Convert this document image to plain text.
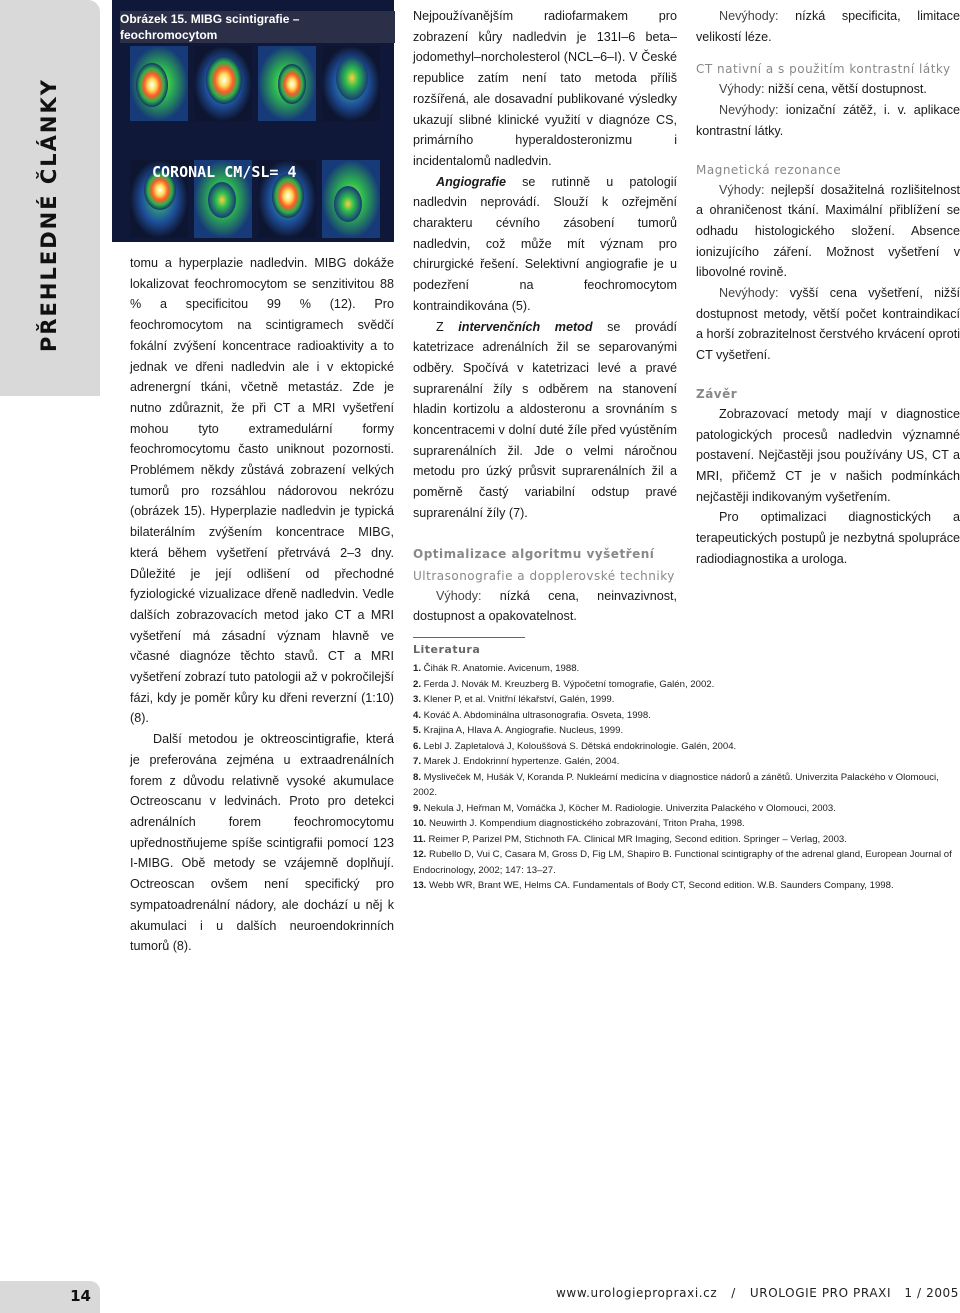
PŘEHLEDNÉ ČLÁNKY	CORONAL CM/SL= 4
Obrázek 15. MIBG scintigrafie – feochromocytom

tomu a hyperplazie nadledvin. MIBG dokáže lokalizovat feochromocytom se senzitivitou 88 % a specificitou 99 % (12). Pro feochromocytom na scintigramech svědčí fokální zvýšení koncentrace radioaktivity a to jednak ve dřeni nadledvin ale i v ektopické adrenergní tkáni, včetně metastáz. Zde je nutno zdůraznit, že při CT a MRI vyšetření mohou tyto extramedulární formy feochromocytomu často uniknout pozornosti. Problémem někdy zůstává zobrazení velkých tumorů pro rozsáhlou nádorovou nekrózu (obrázek 15). Hyperplazie nadledvin je typická bilaterálním zvýšením koncentrace MIBG, která během vyšetření přetrvává 2–3 dny. Důležité je její odlišení od přechodné fyziologické vizualizace dřeně nadledvin. Vedle dalších zobrazovacích metod jako CT a MRI vyšetření má zásadní význam hlavně ve včasné diagnóze těchto stavů. CT a MRI vyšetření zobrazí tuto patologii až v pokročilejší fázi, kdy je poměr kůry ku dřeni reverzní (1:10) (8).

Další metodou je oktreoscintigrafie, která je preferována zejména u extraadrenálních forem z důvodu relativně vysoké akumulace Octreoscanu v ledvinách. Proto pro detekci adrenálních forem feochromocytomu upřednostňujeme spíše scintigrafii pomocí 123 I-MIBG. Obě metody se vzájemně doplňují. Octreoscan ovšem není specifický pro sympatoadrenální nádory, ale dochází u něj k akumulaci i u dalších neuroendokrinních tumorů (8).

Nejpoužívanějším radiofarmakem pro zobrazení kůry nadledvin je 131I–6 beta–jodomethyl–norcholesterol (NCL–6–I). V České republice zatím není tato metoda příliš rozšířená, ale dosavadní publikované výsledky ukazují slibné klinické využití v diagnóze CS, primárního hyperaldosteronizmu i incidentalomů nadledvin.

Angiografie se rutinně u patologií nadledvin neprovádí. Slouží k ozřejmění charakteru cévního zásobení tumorů nadledvin, což může mít význam pro chirurgické řešení. Selektivní angiografie je u podezření na feochromocytom kontraindikována (5).

Z intervenčních metod se provádí katetrizace adrenálních žil se separovanými odběry. Spočívá v katetrizaci levé a pravé suprarenální žíly s odběrem na stanovení hladin kortizolu a aldosteronu a srovnáním s koncentracemi v dolní duté žíle před vyústěním suprarenálních žil. Jde o velmi náročnou metodu pro úzký průsvit suprarenálních žil a poměrně častý variabilní odstup pravé suprarenální žíly (7).

Optimalizace algoritmu vyšetření
Ultrasonografie a dopplerovské techniky

Výhody: nízká cena, neinvazivnost, dostupnost a opakovatelnost.

Nevýhody: nízká specificita, limitace velikostí léze.

CT nativní a s použitím kontrastní látky

Výhody: nižší cena, větší dostupnost.

Nevýhody: ionizační zátěž, i. v. aplikace kontrastní látky.

Magnetická rezonance

Výhody: nejlepší dosažitelná rozlišitelnost a ohraničenost tkání. Maximální přiblížení se odhadu histologického složení. Absence ionizujícího záření. Možnost vyšetření v libovolné rovině.

Nevýhody: vyšší cena vyšetření, nižší dostupnost metody, větší počet kontraindikací a horší zobrazitelnost čerstvého krvácení oproti CT vyšetření.

Závěr

Zobrazovací metody mají v diagnostice patologických procesů nadledvin významné postavení. Nejčastěji jsou používány US, CT a MRI, přičemž CT je v našich podmínkách nejčastěji indikovaným vyšetřením.

Pro optimalizaci diagnostických a terapeutických postupů je nezbytná spolupráce radiodiagnostika a urologa.

Literatura
1. Čihák R. Anatomie. Avicenum, 1988.
2. Ferda J. Novák M. Kreuzberg B. Výpočetní tomografie, Galén, 2002.
3. Klener P, et al. Vnitřní lékařství, Galén, 1999.
4. Kováč A. Abdominálna ultrasonografia. Osveta, 1998.
5. Krajina A, Hlava A. Angiografie. Nucleus, 1999.
6. Lebl J. Zapletalová J, Kolouššová S. Dětská endokrinologie. Galén, 2004.
7. Marek J. Endokrinní hypertenze. Galén, 2004.
8. Mysliveček M, Hušák V, Koranda P. Nukleární medicína v diagnostice nádorů a zánětů. Univerzita Palackého v Olomouci, 2002.
9. Nekula J, Heřman M, Vomáčka J, Köcher M. Radiologie. Univerzita Palackého v Olomouci, 2003.
10. Neuwirth J. Kompendium diagnostického zobrazování, Triton Praha, 1998.
11. Reimer P, Parizel PM, Stichnoth FA. Clinical MR Imaging, Second edition. Springer – Verlag, 2003.
12. Rubello D, Vui C, Casara M, Gross D, Fig LM, Shapiro B. Functional scintigraphy of the adrenal gland, European Journal of Endocrinology, 2002; 147: 13–27.
13. Webb WR, Brant WE, Helms CA. Fundamentals of Body CT, Second edition. W.B. Saunders Company, 1998.
14	www.urologiepropraxi.cz / UROLOGIE PRO PRAXI 1 / 2005
